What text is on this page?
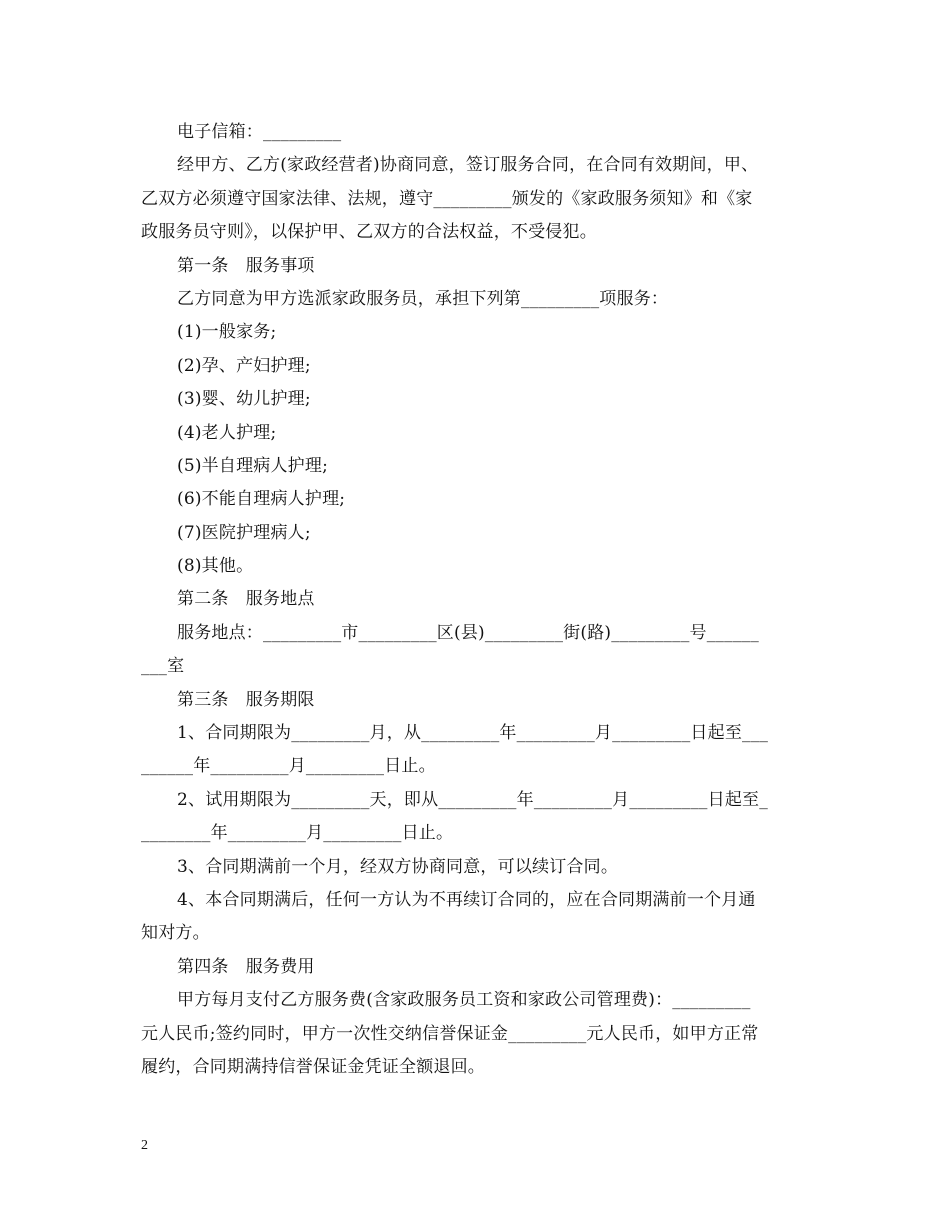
电子信箱：_________
经甲方、乙方(家政经营者)协商同意，签订服务合同，在合同有效期间，甲、
乙双方必须遵守国家法律、法规，遵守_________颁发的《家政服务须知》和《家
政服务员守则》，以保护甲、乙双方的合法权益，不受侵犯。
第一条　服务事项
乙方同意为甲方选派家政服务员，承担下列第_________项服务：
(1)一般家务;
(2)孕、产妇护理;
(3)婴、幼儿护理;
(4)老人护理;
(5)半自理病人护理;
(6)不能自理病人护理;
(7)医院护理病人;
(8)其他。
第二条　服务地点
服务地点：_________市_________区(县)_________街(路)_________号______
___室
第三条　服务期限
1、合同期限为_________月，从_________年_________月_________日起至___
______年_________月_________日止。
2、试用期限为_________天，即从_________年_________月_________日起至_
________年_________月_________日止。
3、合同期满前一个月，经双方协商同意，可以续订合同。
4、本合同期满后，任何一方认为不再续订合同的，应在合同期满前一个月通
知对方。
第四条　服务费用
甲方每月支付乙方服务费(含家政服务员工资和家政公司管理费)：_________
元人民币;签约同时，甲方一次性交纳信誉保证金_________元人民币，如甲方正常
履约，合同期满持信誉保证金凭证全额退回。
2
